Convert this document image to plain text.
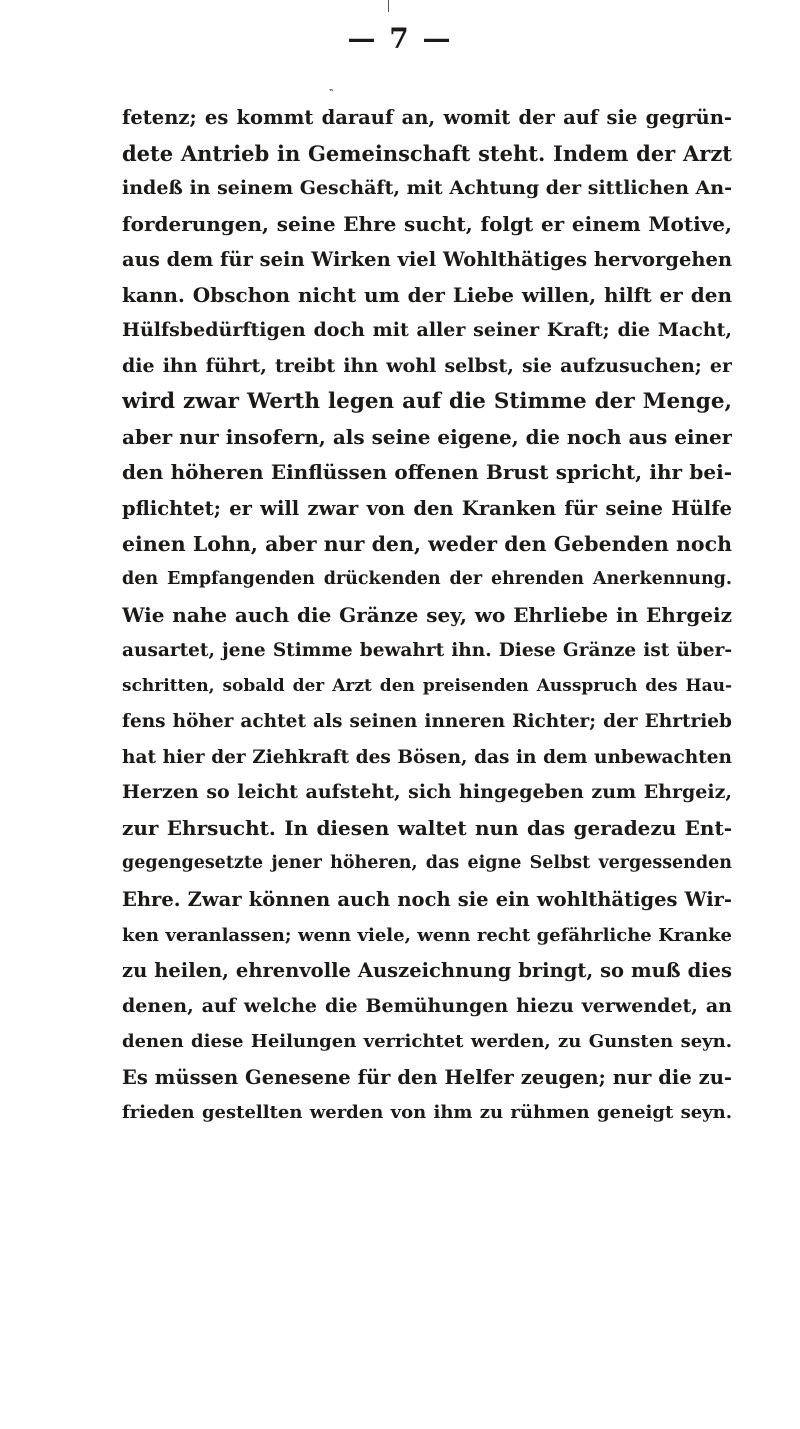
— 7 —
‶
fetenz; es kommt darauf an, womit der auf sie gegrün-
dete Antrieb in Gemeinschaft steht. Indem der Arzt
indeß in seinem Geschäft, mit Achtung der sittlichen An-
forderungen, seine Ehre sucht, folgt er einem Motive,
aus dem für sein Wirken viel Wohlthätiges hervorgehen
kann. Obschon nicht um der Liebe willen, hilft er den
Hülfsbedürftigen doch mit aller seiner Kraft; die Macht,
die ihn führt, treibt ihn wohl selbst, sie aufzusuchen; er
wird zwar Werth legen auf die Stimme der Menge,
aber nur insofern, als seine eigene, die noch aus einer
den höheren Einflüssen offenen Brust spricht, ihr bei-
pflichtet; er will zwar von den Kranken für seine Hülfe
einen Lohn, aber nur den, weder den Gebenden noch
den Empfangenden drückenden der ehrenden Anerkennung.
Wie nahe auch die Gränze sey, wo Ehrliebe in Ehrgeiz
ausartet, jene Stimme bewahrt ihn. Diese Gränze ist über-
schritten, sobald der Arzt den preisenden Ausspruch des Hau-
fens höher achtet als seinen inneren Richter; der Ehrtrieb
hat hier der Ziehkraft des Bösen, das in dem unbewachten
Herzen so leicht aufsteht, sich hingegeben zum Ehrgeiz,
zur Ehrsucht. In diesen waltet nun das geradezu Ent-
gegengesetzte jener höheren, das eigne Selbst vergessenden
Ehre. Zwar können auch noch sie ein wohlthätiges Wir-
ken veranlassen; wenn viele, wenn recht gefährliche Kranke
zu heilen, ehrenvolle Auszeichnung bringt, so muß dies
denen, auf welche die Bemühungen hiezu verwendet, an
denen diese Heilungen verrichtet werden, zu Gunsten seyn.
Es müssen Genesene für den Helfer zeugen; nur die zu-
frieden gestellten werden von ihm zu rühmen geneigt seyn.
